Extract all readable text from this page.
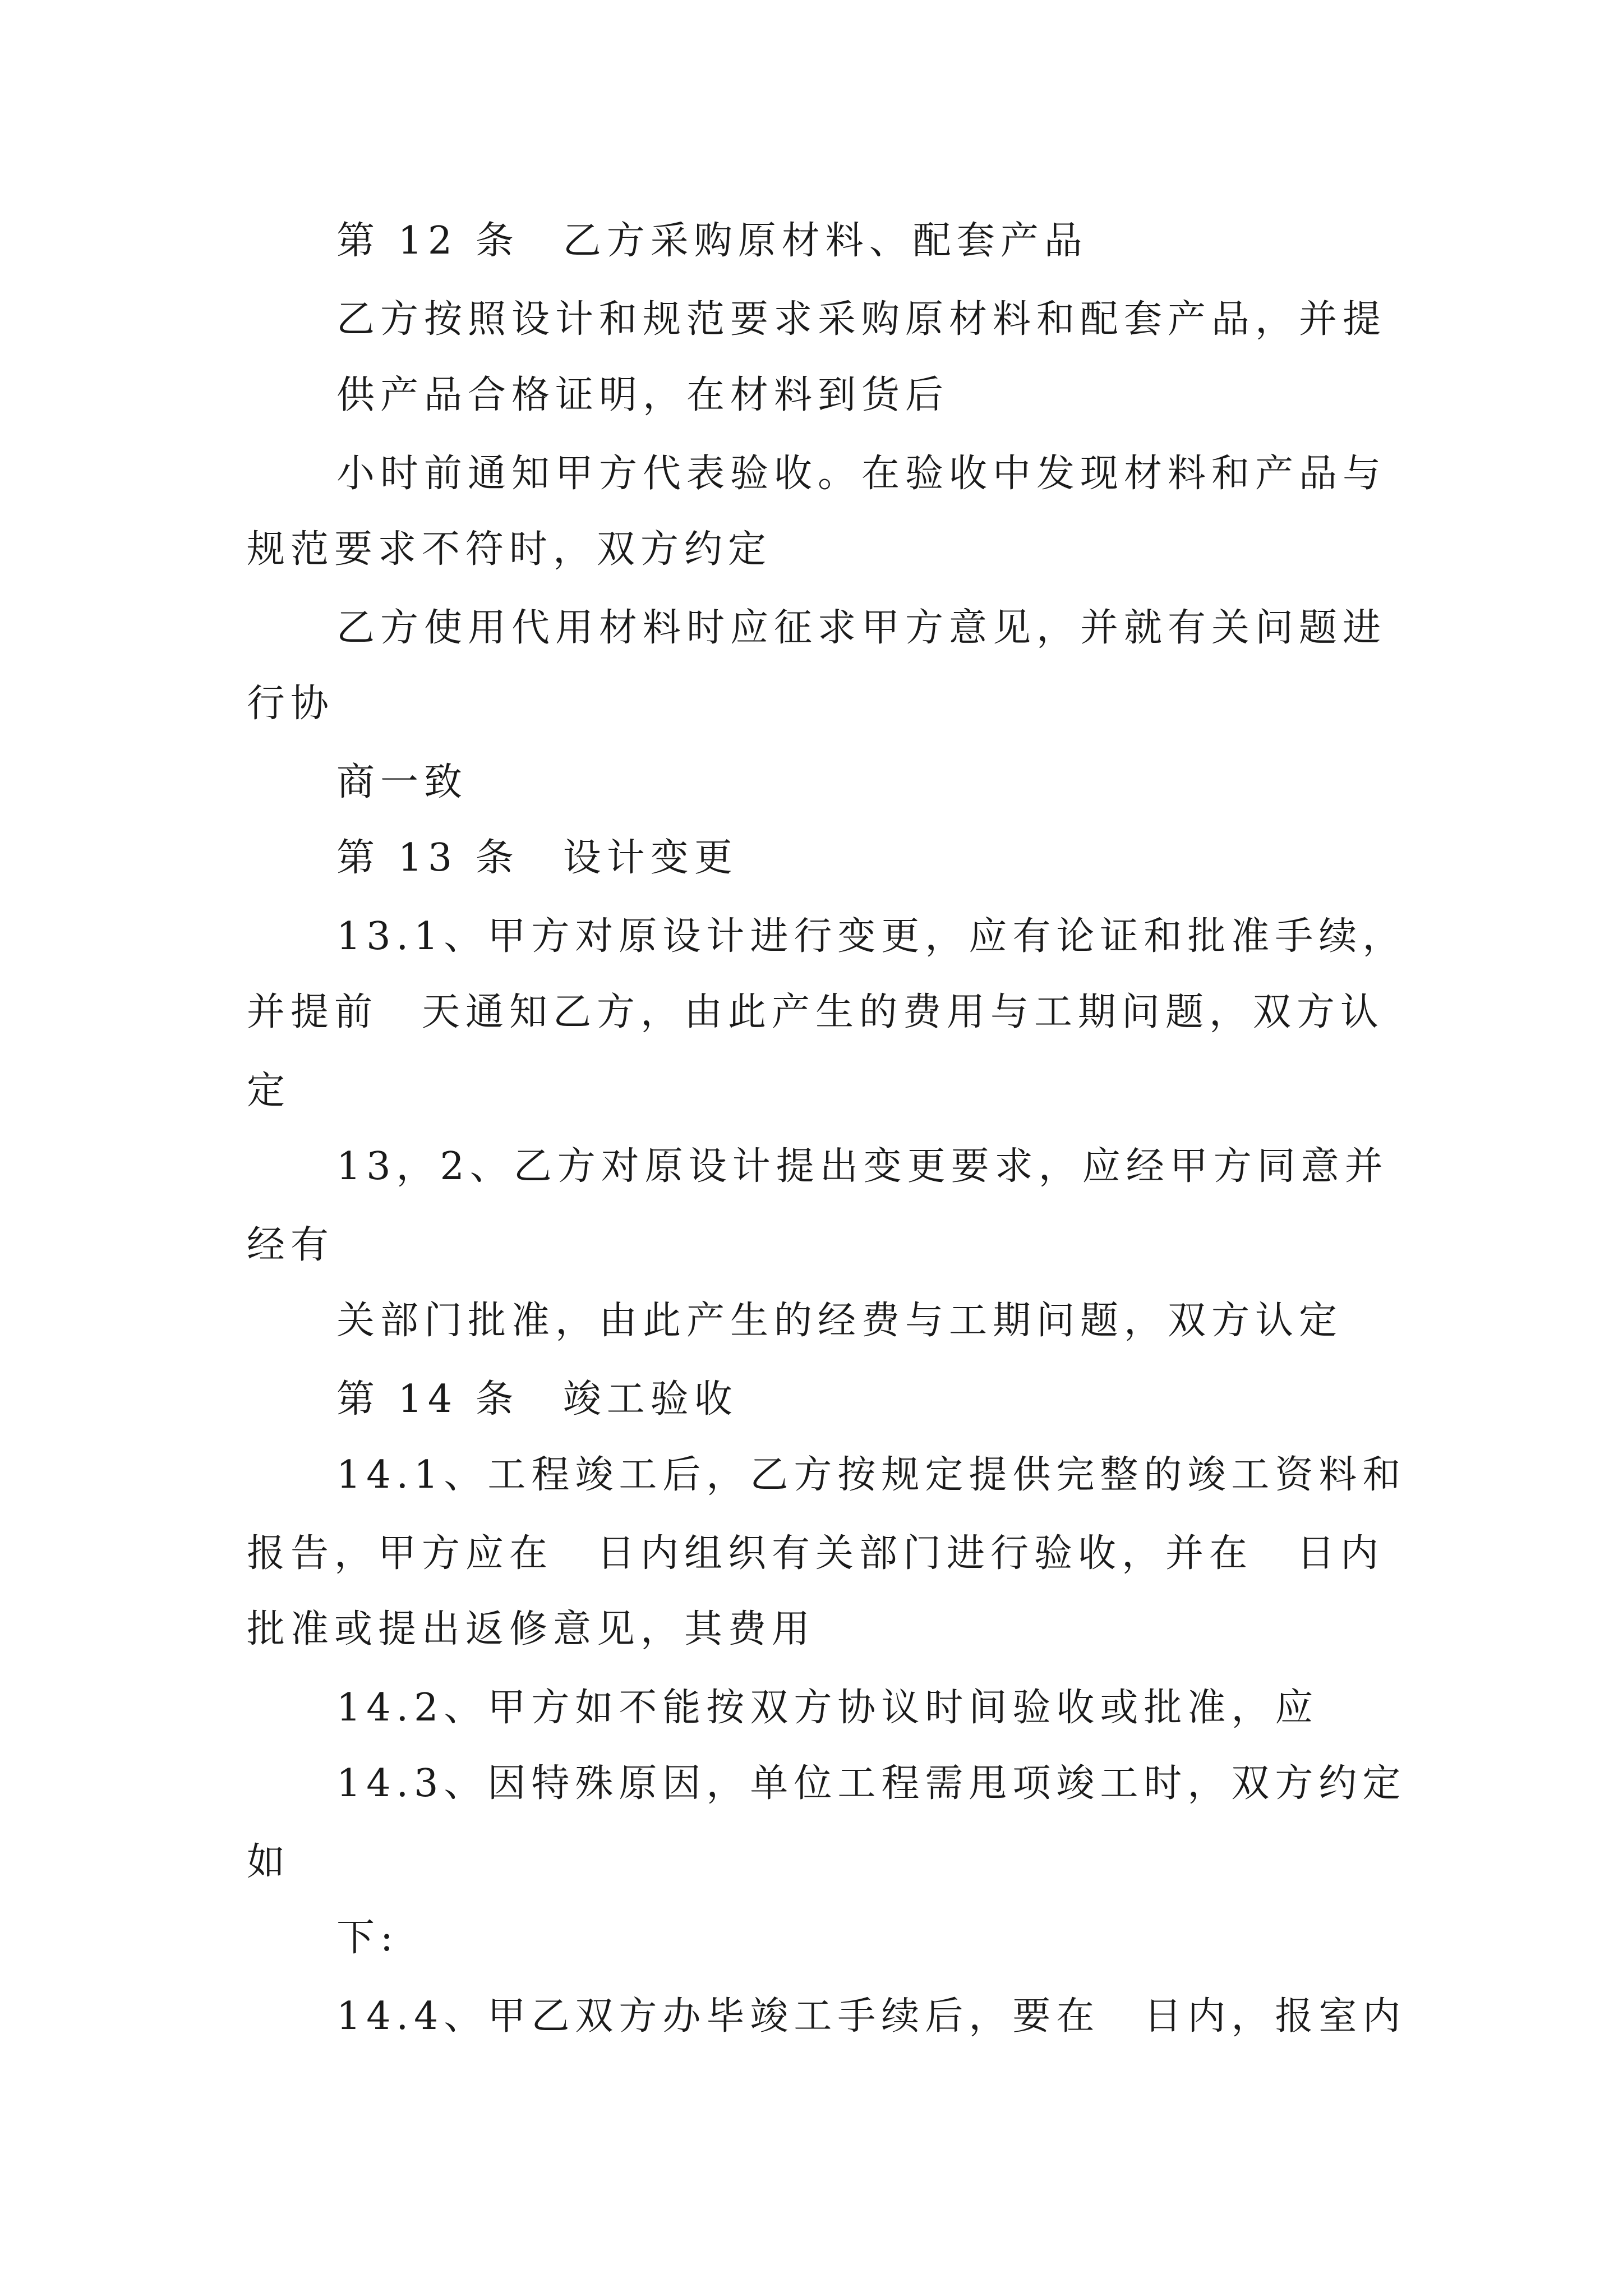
第 12 条　乙方采购原材料、配套产品
乙方按照设计和规范要求采购原材料和配套产品，并提
供产品合格证明，在材料到货后
小时前通知甲方代表验收。在验收中发现材料和产品与
规范要求不符时，双方约定
乙方使用代用材料时应征求甲方意见，并就有关问题进
行协
商一致
第 13 条　设计变更
13.1、甲方对原设计进行变更，应有论证和批准手续，
并提前　天通知乙方，由此产生的费用与工期问题，双方认
定
13，2、乙方对原设计提出变更要求，应经甲方同意并
经有
关部门批准，由此产生的经费与工期问题，双方认定
第 14 条　竣工验收
14.1、工程竣工后，乙方按规定提供完整的竣工资料和
报告，甲方应在　日内组织有关部门进行验收，并在　日内
批准或提出返修意见，其费用
14.2、甲方如不能按双方协议时间验收或批准，应
14.3、因特殊原因，单位工程需甩项竣工时，双方约定
如
下:
14.4、甲乙双方办毕竣工手续后，要在　日内，报室内
